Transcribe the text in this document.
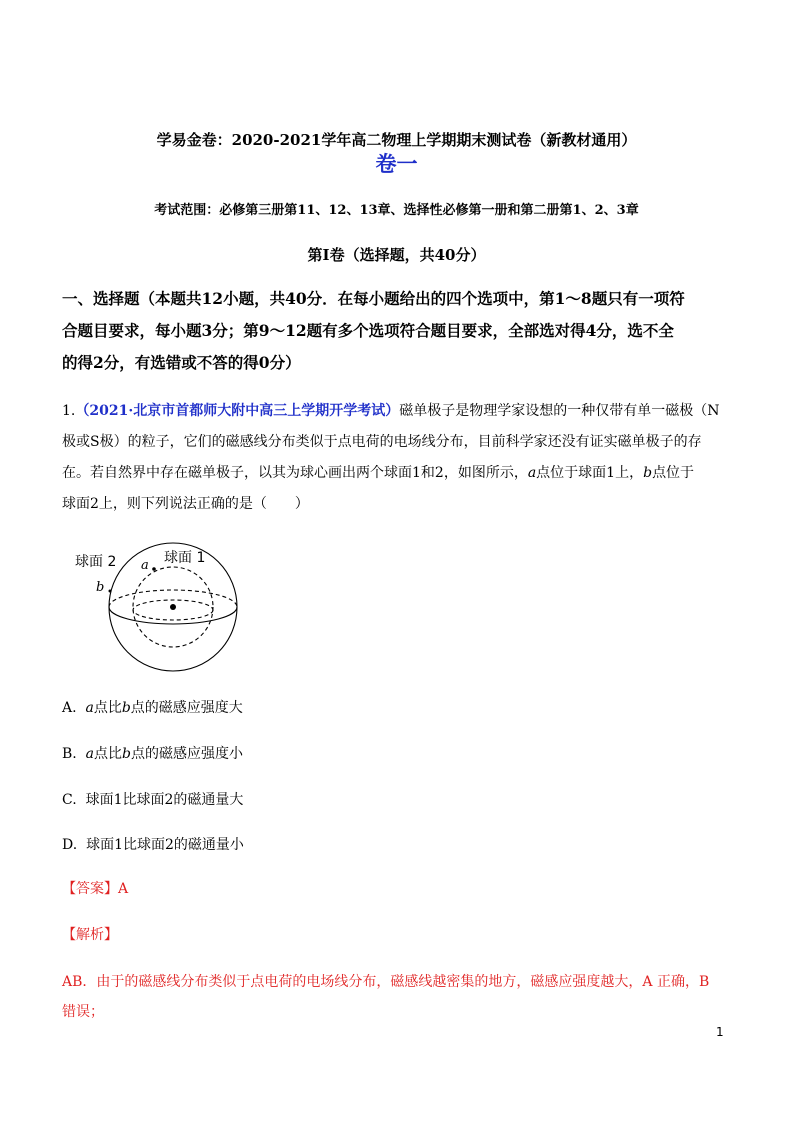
学易金卷：2020-2021学年高二物理上学期期末测试卷（新教材通用）
卷一
考试范围：必修第三册第11、12、13章、选择性必修第一册和第二册第1、2、3章
第Ⅰ卷（选择题，共40分）
一、选择题（本题共12小题，共40分．在每小题给出的四个选项中，第1～8题只有一项符
合题目要求，每小题3分；第9～12题有多个选项符合题目要求，全部选对得4分，选不全
的得2分，有选错或不答的得0分）
1.（2021·北京市首都师大附中高三上学期开学考试）磁单极子是物理学家设想的一种仅带有单一磁极（N
极或S极）的粒子，它们的磁感线分布类似于点电荷的电场线分布，目前科学家还没有证实磁单极子的存
在。若自然界中存在磁单极子，以其为球心画出两个球面1和2，如图所示，a点位于球面1上，b点位于
球面2上，则下列说法正确的是（　　）
球面 2	球面 1
a
b
A. a点比b点的磁感应强度大
B. a点比b点的磁感应强度小
C. 球面1比球面2的磁通量大
D. 球面1比球面2的磁通量小
【答案】A
【解析】
AB．由于的磁感线分布类似于点电荷的电场线分布，磁感线越密集的地方，磁感应强度越大，A 正确，B
错误；
1
